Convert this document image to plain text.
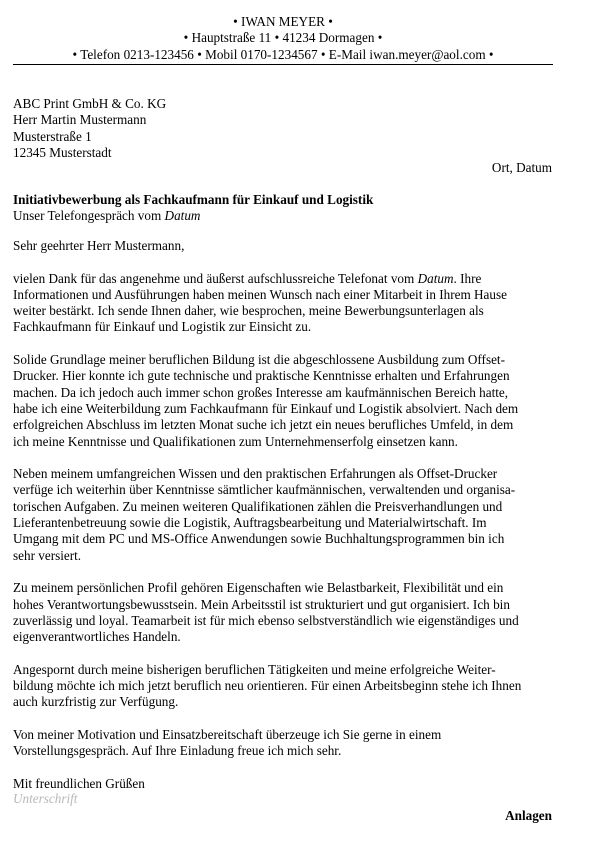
• IWAN MEYER •
• Hauptstraße 11 • 41234 Dormagen •
• Telefon 0213-123456 • Mobil 0170-1234567 • E-Mail iwan.meyer@aol.com •
ABC Print GmbH & Co. KG
Herr Martin Mustermann
Musterstraße 1
12345 Musterstadt
Ort, Datum
Initiativbewerbung als Fachkaufmann für Einkauf und Logistik
Unser Telefongespräch vom Datum

Sehr geehrter Herr Mustermann,

vielen Dank für das angenehme und äußerst aufschlussreiche Telefonat vom Datum. Ihre
Informationen und Ausführungen haben meinen Wunsch nach einer Mitarbeit in Ihrem Hause
weiter bestärkt. Ich sende Ihnen daher, wie besprochen, meine Bewerbungsunterlagen als
Fachkaufmann für Einkauf und Logistik zur Einsicht zu.

Solide Grundlage meiner beruflichen Bildung ist die abgeschlossene Ausbildung zum Offset-
Drucker. Hier konnte ich gute technische und praktische Kenntnisse erhalten und Erfahrungen
machen. Da ich jedoch auch immer schon großes Interesse am kaufmännischen Bereich hatte,
habe ich eine Weiterbildung zum Fachkaufmann für Einkauf und Logistik absolviert. Nach dem
erfolgreichen Abschluss im letzten Monat suche ich jetzt ein neues berufliches Umfeld, in dem
ich meine Kenntnisse und Qualifikationen zum Unternehmenserfolg einsetzen kann.

Neben meinem umfangreichen Wissen und den praktischen Erfahrungen als Offset-Drucker
verfüge ich weiterhin über Kenntnisse sämtlicher kaufmännischen, verwaltenden und organisa-
torischen Aufgaben. Zu meinen weiteren Qualifikationen zählen die Preisverhandlungen und
Lieferantenbetreuung sowie die Logistik, Auftragsbearbeitung und Materialwirtschaft. Im
Umgang mit dem PC und MS-Office Anwendungen sowie Buchhaltungsprogrammen bin ich
sehr versiert.

Zu meinem persönlichen Profil gehören Eigenschaften wie Belastbarkeit, Flexibilität und ein
hohes Verantwortungsbewusstsein. Mein Arbeitsstil ist strukturiert und gut organisiert. Ich bin
zuverlässig und loyal. Teamarbeit ist für mich ebenso selbstverständlich wie eigenständiges und
eigenverantwortliches Handeln.

Angespornt durch meine bisherigen beruflichen Tätigkeiten und meine erfolgreiche Weiter-
bildung möchte ich mich jetzt beruflich neu orientieren. Für einen Arbeitsbeginn stehe ich Ihnen
auch kurzfristig zur Verfügung.

Von meiner Motivation und Einsatzbereitschaft überzeuge ich Sie gerne in einem
Vorstellungsgespräch. Auf Ihre Einladung freue ich mich sehr.

Mit freundlichen Grüßen

Unterschrift
Anlagen
